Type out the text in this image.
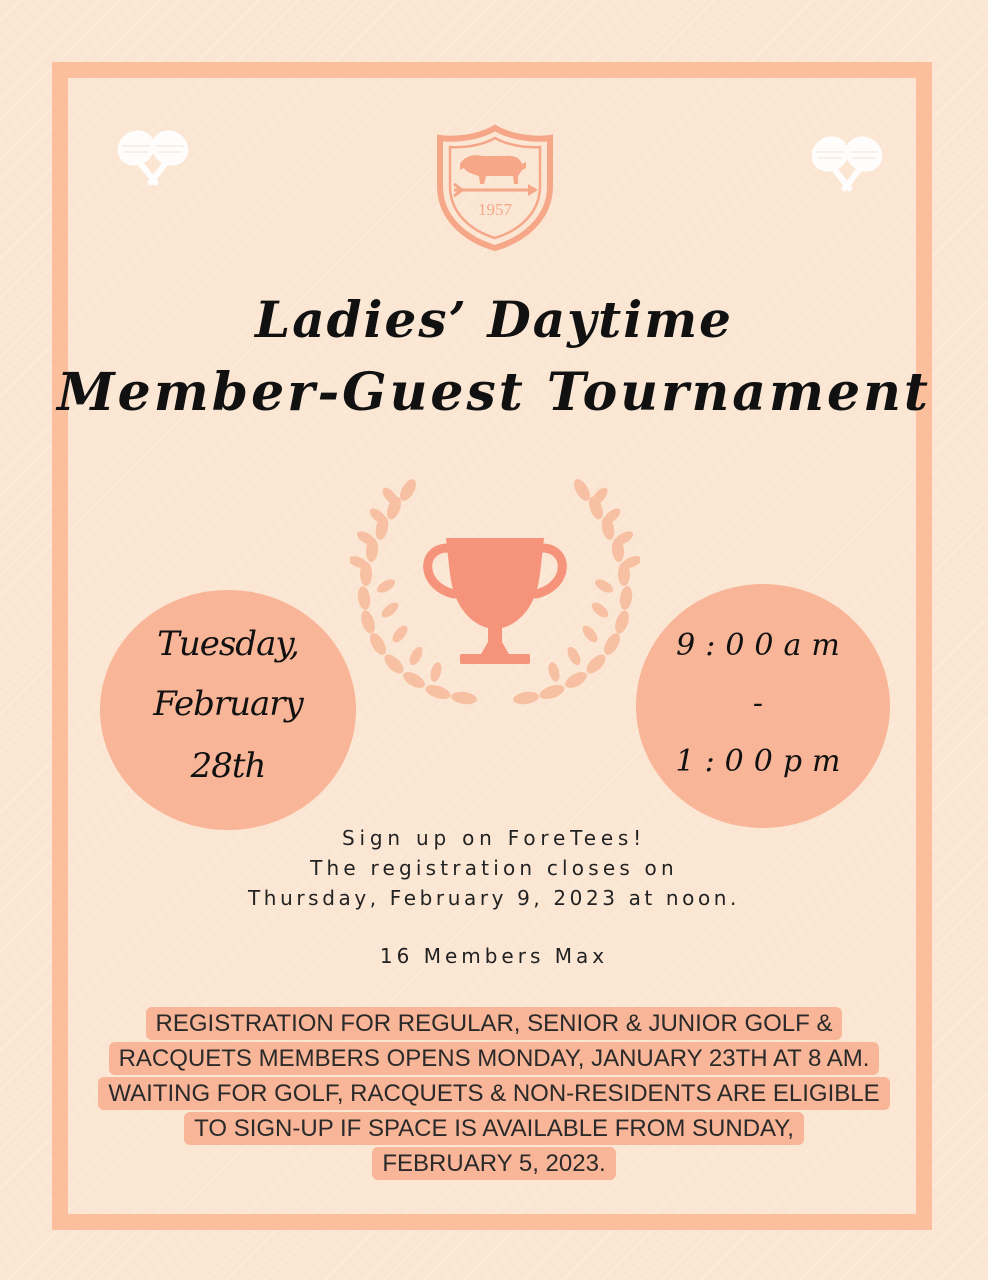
1957
Ladies’ Daytime
Member-Guest Tournament
Tuesday,
February
28th
9:00am
-
1:00pm
Sign up on ForeTees!
The registration closes on
Thursday, February 9, 2023 at noon.
16 Members Max
REGISTRATION FOR REGULAR, SENIOR & JUNIOR GOLF &
RACQUETS MEMBERS OPENS MONDAY, JANUARY 23TH AT 8 AM.
WAITING FOR GOLF, RACQUETS & NON-RESIDENTS ARE ELIGIBLE
TO SIGN-UP IF SPACE IS AVAILABLE FROM SUNDAY,
FEBRUARY 5, 2023.
